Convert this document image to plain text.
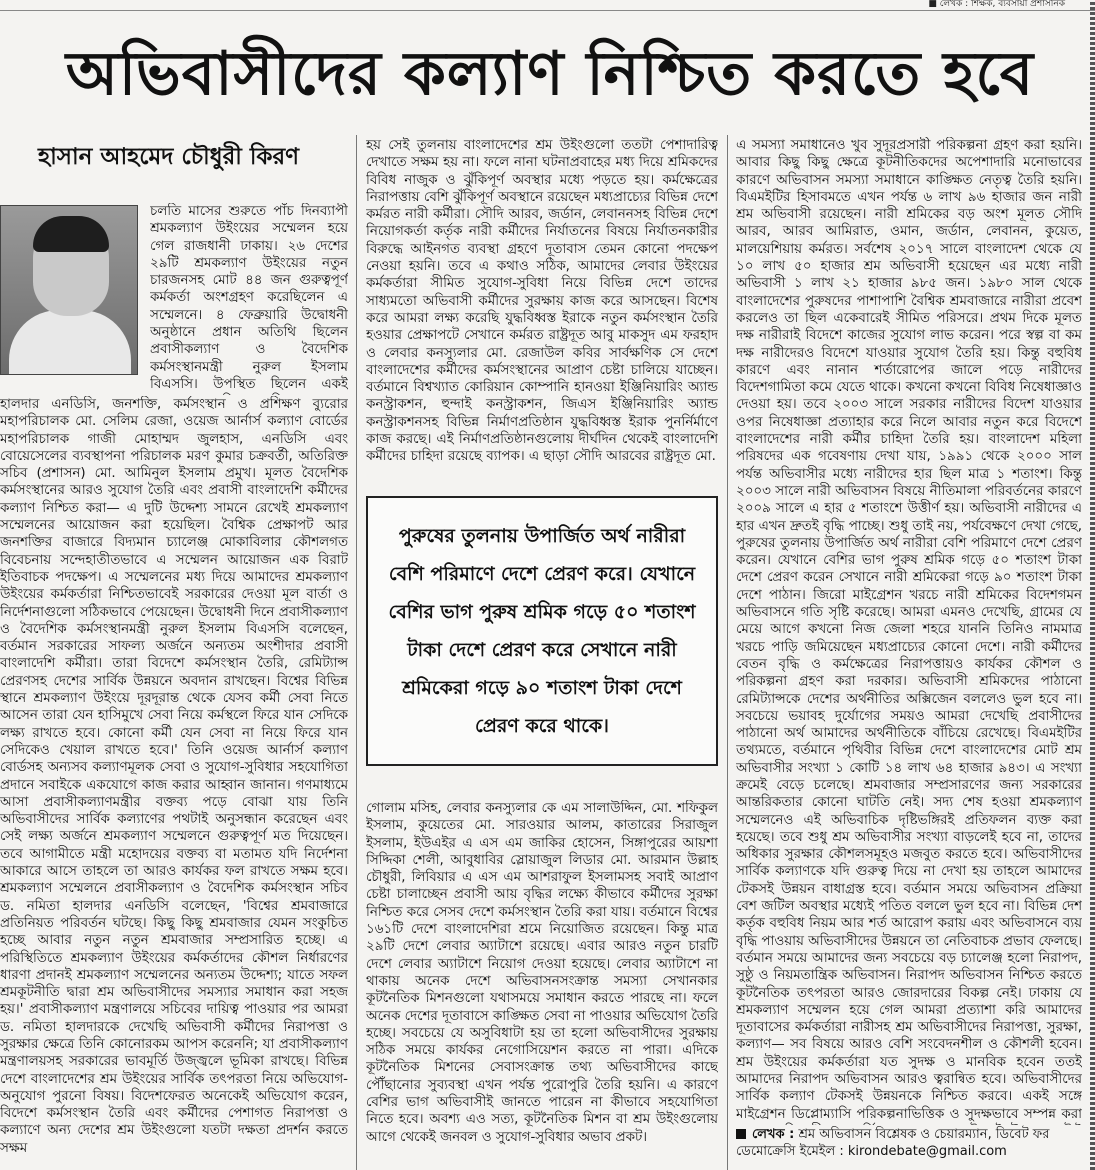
■ লেখক : শিক্ষক, ব্যবসায়ী প্রশাসনিক
অভিবাসীদের কল্যাণ নিশ্চিত করতে হবে
হাসান আহমেদ চৌধুরী কিরণ

চলতি মাসের শুরুতে পাঁচ দিনব্যাপী শ্রমকল্যাণ উইংয়ের সম্মেলন হয়ে গেল রাজধানী ঢাকায়। ২৬ দেশের ২৯টি শ্রমকল্যাণ উইংয়ের নতুন চারজনসহ মোট ৪৪ জন গুরুত্বপূর্ণ কর্মকর্তা অংশগ্রহণ করেছিলেন এ সম্মেলনে। ৪ ফেব্রুয়ারি উদ্বোধনী অনুষ্ঠানে প্রধান অতিথি ছিলেন প্রবাসীকল্যাণ ও বৈদেশিক কর্মসংস্থানমন্ত্রী নুরুল ইসলাম বিএসসি। উপস্থিত ছিলেন একই

হালদার এনডিসি, জনশক্তি, কর্মসংস্থান ও প্রশিক্ষণ ব্যুরোর মহাপরিচালক মো. সেলিম রেজা, ওয়েজ আর্নার্স কল্যাণ বোর্ডের মহাপরিচালক গাজী মোহাম্মদ জুলহাস, এনডিসি এবং বোয়েসেলের ব্যবস্থাপনা পরিচালক মরণ কুমার চক্রবর্তী, অতিরিক্ত সচিব (প্রশাসন) মো. আমিনুল ইসলাম প্রমুখ। মূলত বৈদেশিক কর্মসংস্থানের আরও সুযোগ তৈরি এবং প্রবাসী বাংলাদেশি কর্মীদের কল্যাণ নিশ্চিত করা— এ দুটি উদ্দেশ্য সামনে রেখেই শ্রমকল্যাণ সম্মেলনের আয়োজন করা হয়েছিল। বৈশ্বিক প্রেক্ষাপট আর জনশক্তির বাজারে বিদ্যমান চ্যালেঞ্জ মোকাবিলার কৌশলগত বিবেচনায় সন্দেহাতীতভাবে এ সম্মেলন আয়োজন এক বিরাট ইতিবাচক পদক্ষেপ। এ সম্মেলনের মধ্য দিয়ে আমাদের শ্রমকল্যাণ উইংয়ের কর্মকর্তারা নিশ্চিতভাবেই সরকারের দেওয়া মূল বার্তা ও নির্দেশনাগুলো সঠিকভাবে পেয়েছেন। উদ্বোধনী দিনে প্রবাসীকল্যাণ ও বৈদেশিক কর্মসংস্থানমন্ত্রী নুরুল ইসলাম বিএসসি বলেছেন, বর্তমান সরকারের সাফল্য অর্জনে অন্যতম অংশীদার প্রবাসী বাংলাদেশি কর্মীরা। তারা বিদেশে কর্মসংস্থান তৈরি, রেমিট্যান্স প্রেরণসহ দেশের সার্বিক উন্নয়নে অবদান রাখছেন। বিশ্বের বিভিন্ন স্থানে শ্রমকল্যাণ উইংয়ে দূরদূরান্ত থেকে যেসব কর্মী সেবা নিতে আসেন তারা যেন হাসিমুখে সেবা নিয়ে কর্মস্থলে ফিরে যান সেদিকে লক্ষ্য রাখতে হবে। কোনো কর্মী যেন সেবা না নিয়ে ফিরে যান সেদিকেও খেয়াল রাখতে হবে।' তিনি ওয়েজ আর্নার্স কল্যাণ বোর্ডসহ অন্যসব কল্যাণমূলক সেবা ও সুযোগ-সুবিধার সহযোগিতা প্রদানে সবাইকে একযোগে কাজ করার আহ্বান জানান। গণমাধ্যমে আসা প্রবাসীকল্যাণমন্ত্রীর বক্তব্য পড়ে বোঝা যায় তিনি অভিবাসীদের সার্বিক কল্যাণের পথটাই অনুসন্ধান করেছেন এবং সেই লক্ষ্য অর্জনে শ্রমকল্যাণ সম্মেলনে গুরুত্বপূর্ণ মত দিয়েছেন। তবে আগামীতে মন্ত্রী মহোদয়ের বক্তব্য বা মতামত যদি নির্দেশনা আকারে আসে তাহলে তা আরও কার্যকর ফল রাখতে সক্ষম হবে। শ্রমকল্যাণ সম্মেলনে প্রবাসীকল্যাণ ও বৈদেশিক কর্মসংস্থান সচিব ড. নমিতা হালদার এনডিসি বলেছেন, 'বিশ্বের শ্রমবাজারে প্রতিনিয়ত পরিবর্তন ঘটছে। কিছু কিছু শ্রমবাজার যেমন সংকুচিত হচ্ছে আবার নতুন নতুন শ্রমবাজার সম্প্রসারিত হচ্ছে। এ পরিস্থিতিতে শ্রমকল্যাণ উইংয়ের কর্মকর্তাদের কৌশল নির্ধারণের ধারণা প্রদানই শ্রমকল্যাণ সম্মেলনের অন্যতম উদ্দেশ্য; যাতে সফল শ্রমকূটনীতি দ্বারা শ্রম অভিবাসীদের সমস্যার সমাধান করা সহজ হয়।' প্রবাসীকল্যাণ মন্ত্রণালয়ে সচিবের দায়িত্ব পাওয়ার পর আমরা ড. নমিতা হালদারকে দেখেছি অভিবাসী কর্মীদের নিরাপত্তা ও সুরক্ষার ক্ষেত্রে তিনি কোনোরকম আপস করেননি; যা প্রবাসীকল্যাণ মন্ত্রণালয়সহ সরকারের ভাবমূর্তি উজ্জ্বলে ভূমিকা রাখছে। বিভিন্ন দেশে বাংলাদেশের শ্রম উইংয়ের সার্বিক তৎপরতা নিয়ে অভিযোগ-অনুযোগ পুরনো বিষয়। বিদেশফেরত অনেকেই অভিযোগ করেন, বিদেশে কর্মসংস্থান তৈরি এবং কর্মীদের পেশাগত নিরাপত্তা ও কল্যাণে অন্য দেশের শ্রম উইংগুলো যতটা দক্ষতা প্রদর্শন করতে সক্ষম

হয় সেই তুলনায় বাংলাদেশের শ্রম উইংগুলো ততটা পেশাদারিত্ব দেখাতে সক্ষম হয় না। ফলে নানা ঘটনাপ্রবাহের মধ্য দিয়ে শ্রমিকদের বিবিধ নাজুক ও ঝুঁকিপূর্ণ অবস্থার মধ্যে পড়তে হয়। কর্মক্ষেত্রের নিরাপত্তায় বেশি ঝুঁকিপূর্ণ অবস্থানে রয়েছেন মধ্যপ্রাচ্যের বিভিন্ন দেশে কর্মরত নারী কর্মীরা। সৌদি আরব, জর্ডান, লেবাননসহ বিভিন্ন দেশে নিয়োগকর্তা কর্তৃক নারী কর্মীদের নির্যাতনের বিষয়ে নির্যাতনকারীর বিরুদ্ধে আইনগত ব্যবস্থা গ্রহণে দূতাবাস তেমন কোনো পদক্ষেপ নেওয়া হয়নি। তবে এ কথাও সঠিক, আমাদের লেবার উইংয়ের কর্মকর্তারা সীমিত সুযোগ-সুবিধা নিয়ে বিভিন্ন দেশে তাদের সাধ্যমতো অভিবাসী কর্মীদের সুরক্ষায় কাজ করে আসছেন। বিশেষ করে আমরা লক্ষ্য করেছি যুদ্ধবিধ্বস্ত ইরাকে নতুন কর্মসংস্থান তৈরি হওয়ার প্রেক্ষাপটে সেখানে কর্মরত রাষ্ট্রদূত আবু মাকসুদ এম ফরহাদ ও লেবার কনস্যুলার মো. রেজাউল কবির সার্বক্ষণিক সে দেশে বাংলাদেশের কর্মীদের কর্মসংস্থানের আপ্রাণ চেষ্টা চালিয়ে যাচ্ছেন। বর্তমানে বিশ্বখ্যাত কোরিয়ান কোম্পানি হানওয়া ইঞ্জিনিয়ারিং অ্যান্ড কনস্ট্রাকশন, হুন্দাই কনস্ট্রাকশন, জিএস ইঞ্জিনিয়ারিং অ্যান্ড কনস্ট্রাকশনসহ বিভিন্ন নির্মাণপ্রতিষ্ঠান যুদ্ধবিধ্বস্ত ইরাক পুনর্নির্মাণে কাজ করছে। এই নির্মাণপ্রতিষ্ঠানগুলোয় দীর্ঘদিন থেকেই বাংলাদেশি কর্মীদের চাহিদা রয়েছে ব্যাপক। এ ছাড়া সৌদি আরবের রাষ্ট্রদূত মো.

পুরুষের তুলনায় উপার্জিত অর্থ নারীরা বেশি পরিমাণে দেশে প্রেরণ করে। যেখানে বেশির ভাগ পুরুষ শ্রমিক গড়ে ৫০ শতাংশ টাকা দেশে প্রেরণ করে সেখানে নারী শ্রমিকেরা গড়ে ৯০ শতাংশ টাকা দেশে প্রেরণ করে থাকে।

গোলাম মসিহ, লেবার কনস্যুলার কে এম সালাউদ্দিন, মো. শফিকুল ইসলাম, কুয়েতের মো. সারওয়ার আলম, কাতারের সিরাজুল ইসলাম, ইউএইর এ এস এম জাকির হোসেন, সিঙ্গাপুরের আয়শা সিদ্দিকা শেলী, আবুধাবির স্লোয়াজুল লিডার মো. আরমান উল্লাহ চৌধুরী, লিবিয়ার এ এস এম আশরাফুল ইসলামসহ সবাই আপ্রাণ চেষ্টা চালাচ্ছেন প্রবাসী আয় বৃদ্ধির লক্ষ্যে কীভাবে কর্মীদের সুরক্ষা নিশ্চিত করে সেসব দেশে কর্মসংস্থান তৈরি করা যায়। বর্তমানে বিশ্বের ১৬১টি দেশে বাংলাদেশিরা শ্রমে নিয়োজিত রয়েছেন। কিন্তু মাত্র ২৯টি দেশে লেবার অ্যাটাশে রয়েছে। এবার আরও নতুন চারটি দেশে লেবার অ্যাটাশে নিয়োগ দেওয়া হয়েছে। লেবার অ্যাটাশে না থাকায় অনেক দেশে অভিবাসনসংক্রান্ত সমস্যা সেখানকার কূটনৈতিক মিশনগুলো যথাসময়ে সমাধান করতে পারছে না। ফলে অনেক দেশের দূতাবাসে কাঙ্ক্ষিত সেবা না পাওয়ার অভিযোগ তৈরি হচ্ছে। সবচেয়ে যে অসুবিধাটা হয় তা হলো অভিবাসীদের সুরক্ষায় সঠিক সময়ে কার্যকর নেগোসিয়েশন করতে না পারা। এদিকে কূটনৈতিক মিশনের সেবাসংক্রান্ত তথ্য অভিবাসীদের কাছে পৌঁছানোর সুব্যবস্থা এখন পর্যন্ত পুরোপুরি তৈরি হয়নি। এ কারণে বেশির ভাগ অভিবাসীই জানতে পারেন না কীভাবে সহযোগিতা নিতে হবে। অবশ্য এও সত্য, কূটনৈতিক মিশন বা শ্রম উইংগুলোয় আগে থেকেই জনবল ও সুযোগ-সুবিধার অভাব প্রকট।

এ সমস্যা সমাধানেও খুব সুদূরপ্রসারী পরিকল্পনা গ্রহণ করা হয়নি। আবার কিছু কিছু ক্ষেত্রে কূটনীতিকদের অপেশাদারি মনোভাবের কারণে অভিবাসন সমস্যা সমাধানে কাঙ্ক্ষিত নেতৃত্ব তৈরি হয়নি। বিএমইটির হিসাবমতে এখন পর্যন্ত ৬ লাখ ৯৬ হাজার জন নারী শ্রম অভিবাসী রয়েছেন। নারী শ্রমিকের বড় অংশ মূলত সৌদি আরব, আরব আমিরাত, ওমান, জর্ডান, লেবানন, কুয়েত, মালয়েশিয়ায় কর্মরত। সর্বশেষ ২০১৭ সালে বাংলাদেশ থেকে যে ১০ লাখ ৫০ হাজার শ্রম অভিবাসী হয়েছেন এর মধ্যে নারী অভিবাসী ১ লাখ ২১ হাজার ৯৮৫ জন। ১৯৮০ সাল থেকে বাংলাদেশের পুরুষদের পাশাপাশি বৈশ্বিক শ্রমবাজারে নারীরা প্রবেশ করলেও তা ছিল একেবারেই সীমিত পরিসরে। প্রথম দিকে মূলত দক্ষ নারীরাই বিদেশে কাজের সুযোগ লাভ করেন। পরে স্বল্প বা কম দক্ষ নারীদেরও বিদেশে যাওয়ার সুযোগ তৈরি হয়। কিন্তু বহুবিধ কারণে এবং নানান শর্তারোপের জালে পড়ে নারীদের বিদেশগামিতা কমে যেতে থাকে। কখনো কখনো বিবিধ নিষেধাজ্ঞাও দেওয়া হয়। তবে ২০০৩ সালে সরকার নারীদের বিদেশ যাওয়ার ওপর নিষেধাজ্ঞা প্রত্যাহার করে নিলে আবার নতুন করে বিদেশে বাংলাদেশের নারী কর্মীর চাহিদা তৈরি হয়। বাংলাদেশ মহিলা পরিষদের এক গবেষণায় দেখা যায়, ১৯৯১ থেকে ২০০০ সাল পর্যন্ত অভিবাসীর মধ্যে নারীদের হার ছিল মাত্র ১ শতাংশ। কিন্তু ২০০৩ সালে নারী অভিবাসন বিষয়ে নীতিমালা পরিবর্তনের কারণে ২০০৯ সালে এ হার ৫ শতাংশে উত্তীর্ণ হয়। অভিবাসী নারীদের এ হার এখন দ্রুতই বৃদ্ধি পাচ্ছে। শুধু তাই নয়, পর্যবেক্ষণে দেখা গেছে, পুরুষের তুলনায় উপার্জিত অর্থ নারীরা বেশি পরিমাণে দেশে প্রেরণ করেন। যেখানে বেশির ভাগ পুরুষ শ্রমিক গড়ে ৫০ শতাংশ টাকা দেশে প্রেরণ করেন সেখানে নারী শ্রমিকেরা গড়ে ৯০ শতাংশ টাকা দেশে পাঠান। জিরো মাইগ্রেশন খরচে নারী শ্রমিকের বিদেশগমন অভিবাসনে গতি সৃষ্টি করেছে। আমরা এমনও দেখেছি, গ্রামের যে মেয়ে আগে কখনো নিজ জেলা শহরে যাননি তিনিও নামমাত্র খরচে পাড়ি জমিয়েছেন মধ্যপ্রাচ্যের কোনো দেশে। নারী কর্মীদের বেতন বৃদ্ধি ও কর্মক্ষেত্রের নিরাপত্তায়ও কার্যকর কৌশল ও পরিকল্পনা গ্রহণ করা দরকার। অভিবাসী শ্রমিকদের পাঠানো রেমিট্যান্সকে দেশের অর্থনীতির অক্সিজেন বললেও ভুল হবে না। সবচেয়ে ভয়াবহ দুর্যোগের সময়ও আমরা দেখেছি প্রবাসীদের পাঠানো অর্থ আমাদের অর্থনীতিকে বাঁচিয়ে রেখেছে। বিএমইটির তথ্যমতে, বর্তমানে পৃথিবীর বিভিন্ন দেশে বাংলাদেশের মোট শ্রম অভিবাসীর সংখ্যা ১ কোটি ১৪ লাখ ৬৪ হাজার ৯৪৩। এ সংখ্যা ক্রমেই বেড়ে চলেছে। শ্রমবাজার সম্প্রসারণের জন্য সরকারের আন্তরিকতার কোনো ঘাটতি নেই। সদ্য শেষ হওয়া শ্রমকল্যাণ সম্মেলনেও এই অভিবাচিক দৃষ্টিভঙ্গিরই প্রতিফলন ব্যক্ত করা হয়েছে। তবে শুধু শ্রম অভিবাসীর সংখ্যা বাড়লেই হবে না, তাদের অধিকার সুরক্ষার কৌশলসমূহও মজবুত করতে হবে। অভিবাসীদের সার্বিক কল্যাণকে যদি গুরুত্ব দিয়ে না দেখা হয় তাহলে আমাদের টেকসই উন্নয়ন বাধাগ্রস্ত হবে। বর্তমান সময়ে অভিবাসন প্রক্রিয়া বেশ জটিল অবস্থার মধ্যেই পতিত বললে ভুল হবে না। বিভিন্ন দেশ কর্তৃক বহুবিধ নিয়ম আর শর্ত আরোপ করায় এবং অভিবাসনে ব্যয় বৃদ্ধি পাওয়ায় অভিবাসীদের উন্নয়নে তা নেতিবাচক প্রভাব ফেলছে। বর্তমান সময়ে আমাদের জন্য সবচেয়ে বড় চ্যালেঞ্জ হলো নিরাপদ, সুষ্ঠু ও নিয়মতান্ত্রিক অভিবাসন। নিরাপদ অভিবাসন নিশ্চিত করতে কূটনৈতিক তৎপরতা আরও জোরদারের বিকল্প নেই। ঢাকায় যে শ্রমকল্যাণ সম্মেলন হয়ে গেল আমরা প্রত্যাশা করি আমাদের দূতাবাসের কর্মকর্তারা নারীসহ শ্রম অভিবাসীদের নিরাপত্তা, সুরক্ষা, কল্যাণ— সব বিষয়ে আরও বেশি সংবেদনশীল ও কৌশলী হবেন। শ্রম উইংয়ের কর্মকর্তারা যত সুদক্ষ ও মানবিক হবেন ততই আমাদের নিরাপদ অভিবাসন আরও ত্বরান্বিত হবে। অভিবাসীদের সার্বিক কল্যাণ টেকসই উন্নয়নকে নিশ্চিত করবে। একই সঙ্গে মাইগ্রেশন ডিপ্লোম্যাসি পরিকল্পনাভিত্তিক ও সুদক্ষভাবে সম্পন্ন করা

লেখক : শ্রম অভিবাসন বিশ্লেষক ও চেয়ারম্যান, ডিবেট ফর ডেমোক্রেসি ইমেইল : kirondebate@gmail.com
